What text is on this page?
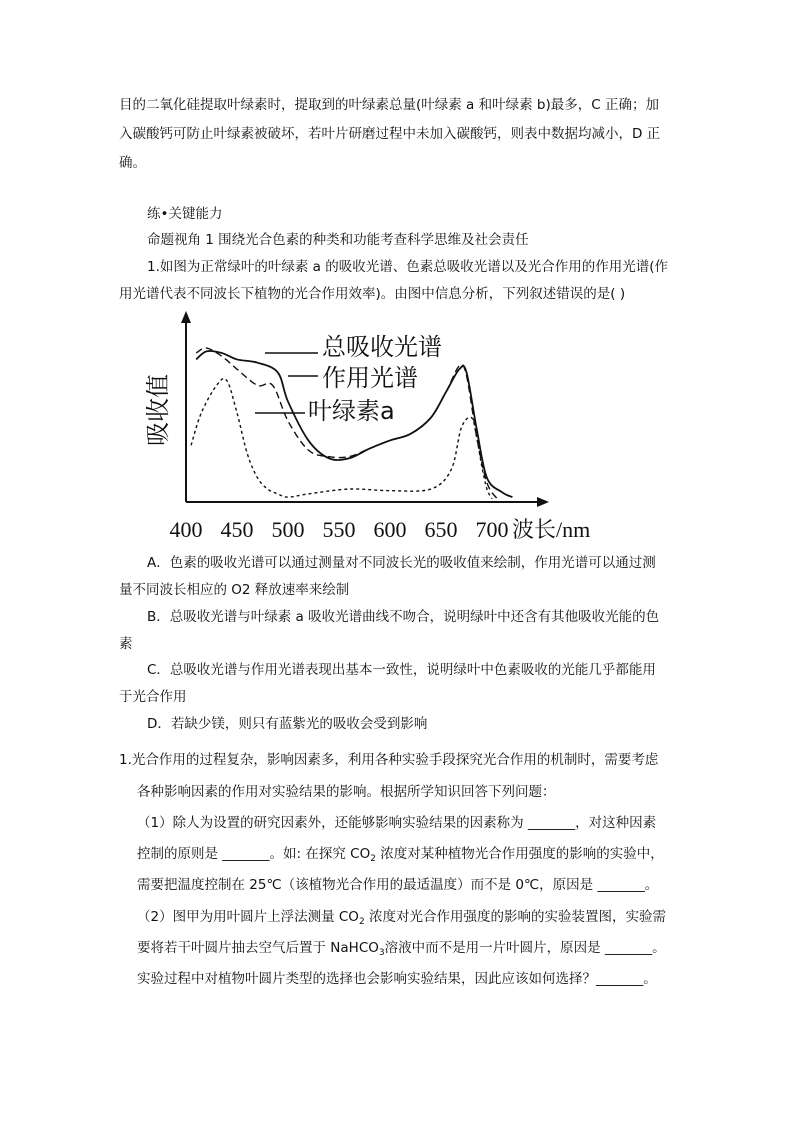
目的二氧化硅提取叶绿素时，提取到的叶绿素总量(叶绿素 a 和叶绿素 b)最多，C 正确；加
入碳酸钙可防止叶绿素被破坏，若叶片研磨过程中未加入碳酸钙，则表中数据均减小，D 正
确。
练•关键能力
命题视角 1 围绕光合色素的种类和功能考查科学思维及社会责任
1.如图为正常绿叶的叶绿素 a 的吸收光谱、色素总吸收光谱以及光合作用的作用光谱(作
用光谱代表不同波长下植物的光合作用效率)。由图中信息分析，下列叙述错误的是( )
400 450 500 550 600 650 700
总吸收光谱
作用光谱
叶绿素a
吸收值
波长/nm
A．色素的吸收光谱可以通过测量对不同波长光的吸收值来绘制，作用光谱可以通过测
量不同波长相应的 O2 释放速率来绘制
B．总吸收光谱与叶绿素 a 吸收光谱曲线不吻合，说明绿叶中还含有其他吸收光能的色
素
C．总吸收光谱与作用光谱表现出基本一致性，说明绿叶中色素吸收的光能几乎都能用
于光合作用
D．若缺少镁，则只有蓝紫光的吸收会受到影响
1.光合作用的过程复杂，影响因素多，利用各种实验手段探究光合作用的机制时，需要考虑
各种影响因素的作用对实验结果的影响。根据所学知识回答下列问题：
（1）除人为设置的研究因素外，还能够影响实验结果的因素称为 _______，对这种因素
控制的原则是 _______。如: 在探究 $CO_2$ 浓度对某种植物光合作用强度的影响的实验中，
需要把温度控制在 25℃（该植物光合作用的最适温度）而不是 0℃，原因是 _______。
（2）图甲为用叶圆片上浮法测量 $CO_2$ 浓度对光合作用强度的影响的实验装置图，实验需
要将若干叶圆片抽去空气后置于 NaHCO$_3$溶液中而不是用一片叶圆片，原因是 _______。
实验过程中对植物叶圆片类型的选择也会影响实验结果，因此应该如何选择？_______。
